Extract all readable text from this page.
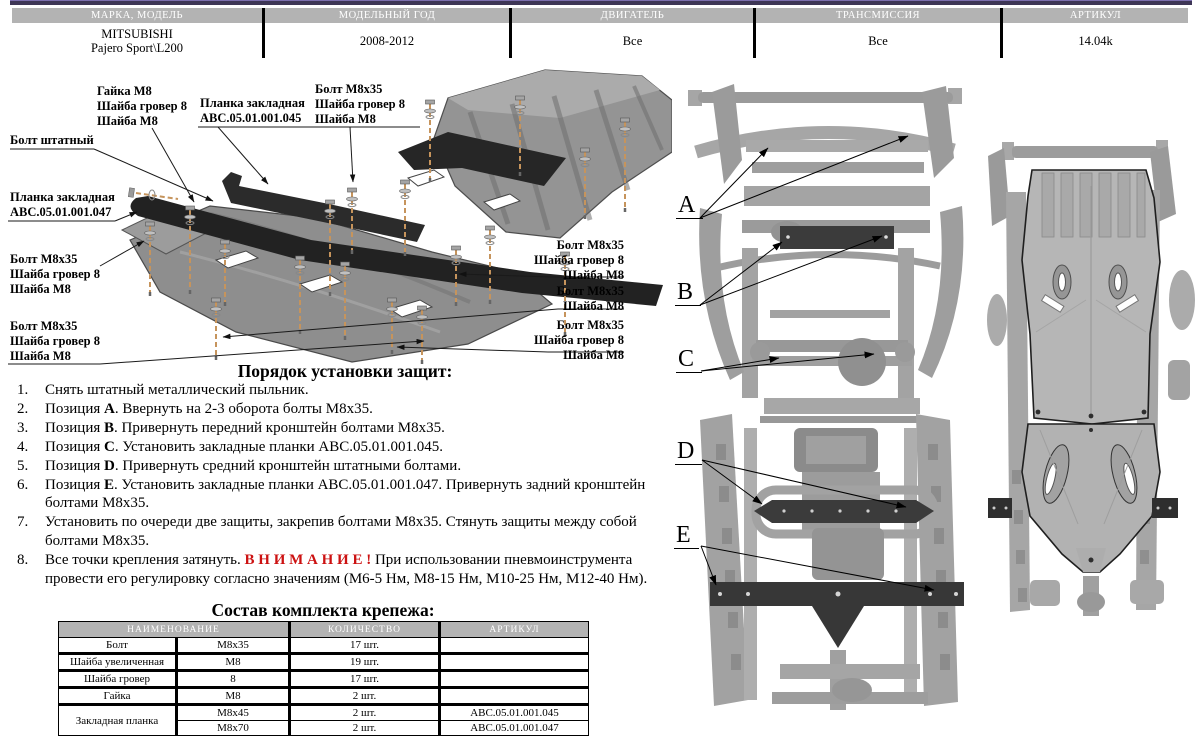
МАРКА, МОДЕЛЬ	МОДЕЛЬНЫЙ ГОД	ДВИГАТЕЛЬ	ТРАНСМИССИЯ	АРТИКУЛ
MITSUBISHI
Pajero Sport\L200	2008-2012	Все	Все	14.04k
Гайка М8
Шайба гровер 8
Шайба М8
Планка закладная
ABC.05.01.001.045
Болт М8х35
Шайба гровер 8
Шайба М8
Болт штатный
Планка закладная
ABC.05.01.001.047
Болт М8х35
Шайба гровер 8
Шайба М8
Болт М8х35
Шайба гровер 8
Шайба М8
Болт М8х35
Шайба гровер 8
Шайба М8
Болт М8х35
Шайба М8
Болт М8х35
Шайба гровер 8
Шайба М8
Порядок установки защит:
1. Снять штатный металлический пыльник.
2. Позиция А. Ввернуть на 2-3 оборота болты М8х35.
3. Позиция В. Привернуть передний кронштейн болтами М8х35.
4. Позиция С. Установить закладные планки ABC.05.01.001.045.
5. Позиция D. Привернуть средний кронштейн штатными болтами.
6. Позиция Е. Установить закладные планки ABC.05.01.001.047. Привернуть задний кронштейн
болтами М8х35.
7. Установить по очереди две защиты, закрепив болтами М8х35. Стянуть защиты между собой
болтами М8х35.
8. Все точки крепления затянуть. В Н И М А Н И Е ! При использовании пневмоинструмента
провести его регулировку согласно значениям (М6-5 Нм, М8-15 Нм, М10-25 Нм, М12-40 Нм).
Состав комплекта крепежа:
НАИМЕНОВАНИЕ		КОЛИЧЕСТВО	АРТИКУЛ
Болт	М8х35	17 шт.	
Шайба увеличенная	М8	19 шт.	
Шайба гровер	8	17 шт.	
Гайка	М8	2 шт.	
Закладная планка	М8х45	2 шт.	ABC.05.01.001.045
	М8х70	2 шт.	ABC.05.01.001.047
A
B
C
D
E
